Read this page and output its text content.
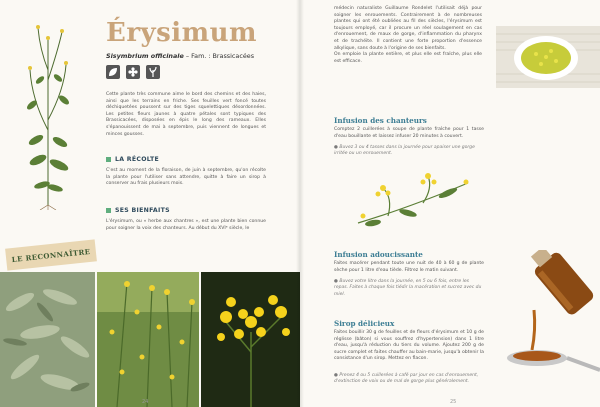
Érysimum
Sisymbrium officinale – Fam. : Brassicacées
Cette plante très commune aime le bord des chemins et des haies, ainsi que les terrains en friche. Ses feuilles vert foncé toutes déchiquetées poussent sur des tiges squelettiques désordonnées. Les petites fleurs jaunes à quatre pétales sont typiques des Brassicacées, disposées en épis le long des rameaux. Elles s'épanouissent de mai à septembre, puis viennent de longues et minces gousses.
LA RÉCOLTE
C'est au moment de la floraison, de juin à septembre, qu'on récolte la plante pour l'utiliser sans attendre, quitte à faire un sirop à conserver au frais plusieurs mois.
SES BIENFAITS
L'érysimum, ou « herbe aux chantres », est une plante bien connue pour soigner la voix des chanteurs. Au début du XVIᵉ siècle, le
LE RECONNAÎTRE
24
médecin naturaliste Guillaume Rondelet l'utilisait déjà pour soigner les enrouements. Contrairement à de nombreuses plantes qui ont été oubliées au fil des siècles, l'érysimum est toujours employé, car il procure un réel soulagement en cas d'enrouement, de maux de gorge, d'inflammation du pharynx et de trachéite. Il contient une forte proportion d'essence alkylique, sans doute à l'origine de ses bienfaits.
On emploie la plante entière, et plus elle est fraîche, plus elle est efficace.
Infusion des chanteurs
Comptez 2 cuillerées à soupe de plante fraîche pour 1 tasse d'eau bouillante et laissez infuser 20 minutes à couvert.
● Buvez 3 ou 4 tasses dans la journée pour apaiser une gorge irritée ou un enrouement.
Infusion adoucissante
Faites macérer pendant toute une nuit de 40 à 60 g de plante sèche pour 1 litre d'eau tiède. Filtrez le matin suivant.
● Buvez votre litre dans la journée, en 5 ou 6 fois, entre les repas. Faites à chaque fois tiédir la macération et sucrez avec du miel.
Sirop délicieux
Faites bouillir 30 g de feuilles et de fleurs d'érysimum et 10 g de réglisse (bâton) si vous souffrez d'hypertension) dans 1 litre d'eau, jusqu'à réduction du tiers du volume. Ajoutez 200 g de sucre complet et faites chauffer au bain-marie, jusqu'à obtenir la consistance d'un sirop. Mettez en flacon.
● Prenez 4 ou 5 cuillerées à café par jour en cas d'enrouement, d'extinction de voix ou de mal de gorge plus généralement.
25
